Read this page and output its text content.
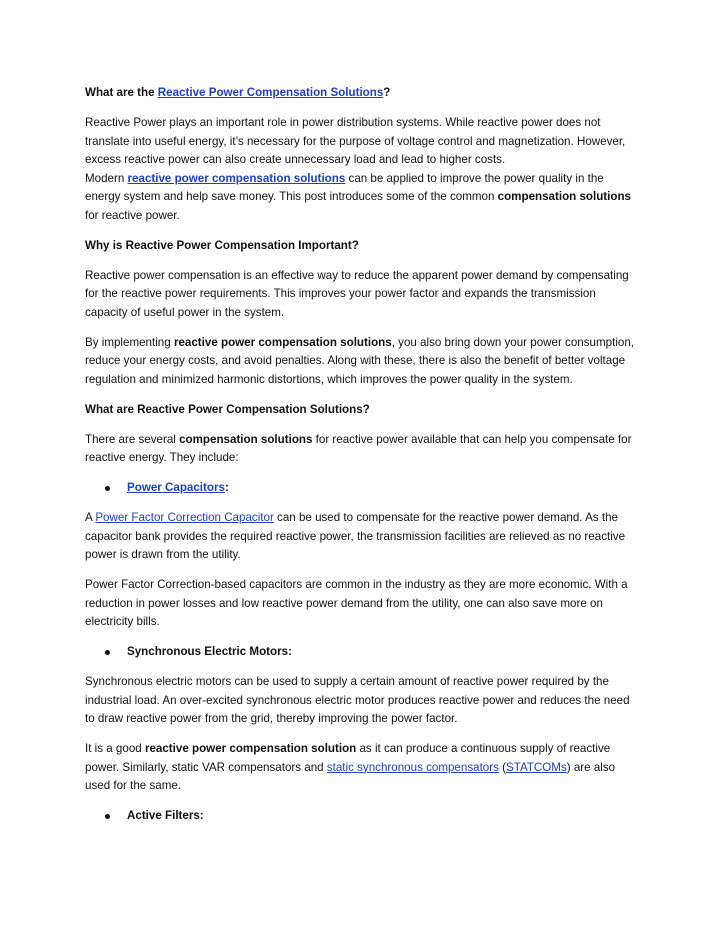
What are the Reactive Power Compensation Solutions?

Reactive Power plays an important role in power distribution systems. While reactive power does not translate into useful energy, it’s necessary for the purpose of voltage control and magnetization. However, excess reactive power can also create unnecessary load and lead to higher costs.
Modern reactive power compensation solutions can be applied to improve the power quality in the energy system and help save money. This post introduces some of the common compensation solutions for reactive power.

Why is Reactive Power Compensation Important?

Reactive power compensation is an effective way to reduce the apparent power demand by compensating for the reactive power requirements. This improves your power factor and expands the transmission capacity of useful power in the system.

By implementing reactive power compensation solutions, you also bring down your power consumption, reduce your energy costs, and avoid penalties. Along with these, there is also the benefit of better voltage regulation and minimized harmonic distortions, which improves the power quality in the system.

What are Reactive Power Compensation Solutions?

There are several compensation solutions for reactive power available that can help you compensate for reactive energy. They include:

Power Capacitors:

A Power Factor Correction Capacitor can be used to compensate for the reactive power demand. As the capacitor bank provides the required reactive power, the transmission facilities are relieved as no reactive power is drawn from the utility.

Power Factor Correction-based capacitors are common in the industry as they are more economic. With a reduction in power losses and low reactive power demand from the utility, one can also save more on electricity bills.

Synchronous Electric Motors:

Synchronous electric motors can be used to supply a certain amount of reactive power required by the industrial load. An over-excited synchronous electric motor produces reactive power and reduces the need to draw reactive power from the grid, thereby improving the power factor.

It is a good reactive power compensation solution as it can produce a continuous supply of reactive power. Similarly, static VAR compensators and static synchronous compensators (STATCOMs) are also used for the same.

Active Filters:
